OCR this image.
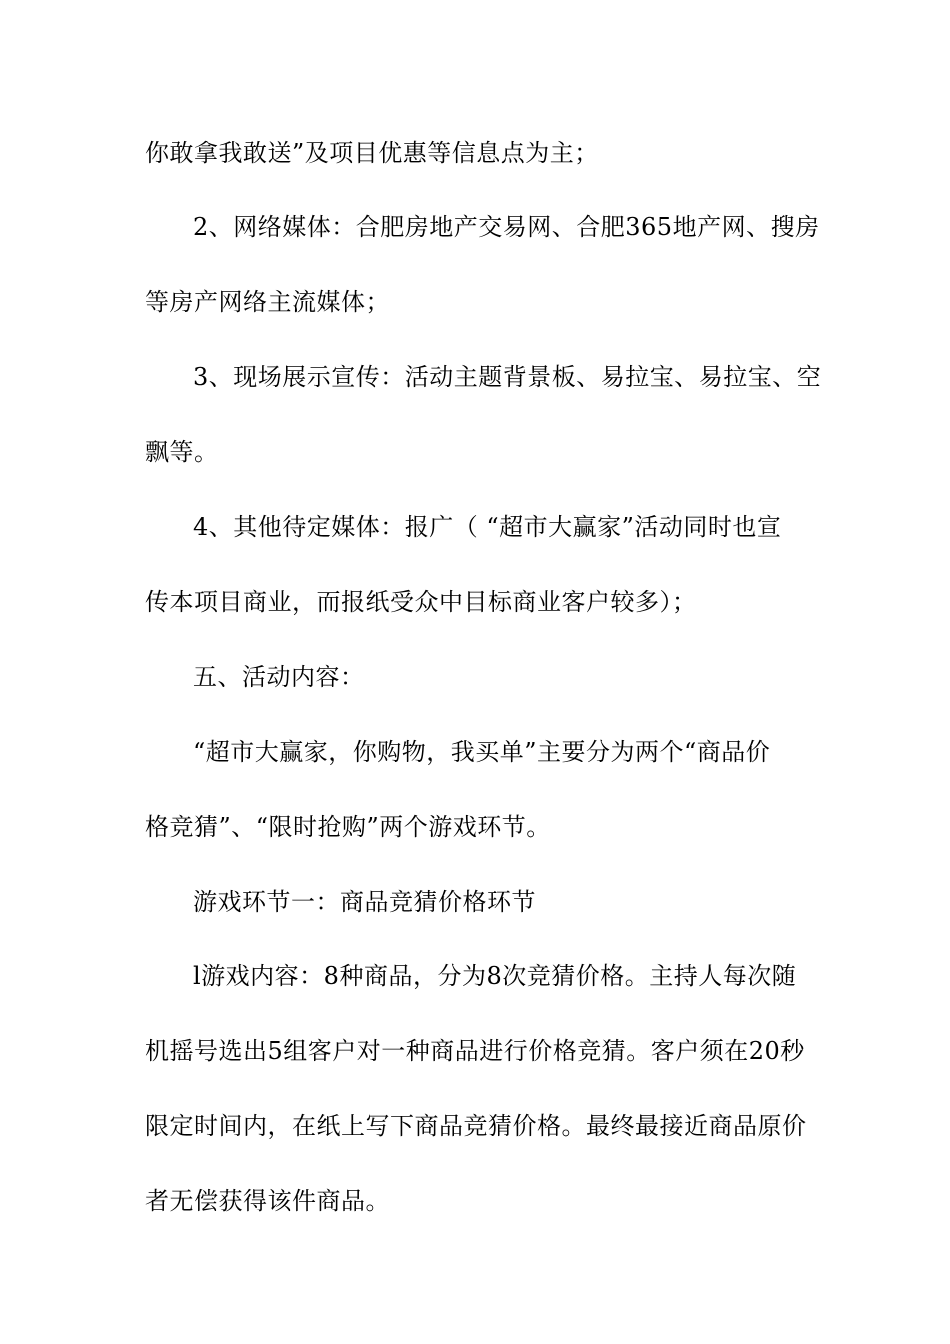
你敢拿我敢送”及项目优惠等信息点为主；
2、网络媒体：合肥房地产交易网、合肥365地产网、搜房
等房产网络主流媒体；
3、现场展示宣传：活动主题背景板、易拉宝、易拉宝、空
飘等。
4、其他待定媒体：报广（ “超市大赢家”活动同时也宣
传本项目商业，而报纸受众中目标商业客户较多）；
五、活动内容：
“超市大赢家，你购物，我买单”主要分为两个“商品价
格竞猜”、“限时抢购”两个游戏环节。
游戏环节一：商品竞猜价格环节
l游戏内容：8种商品，分为8次竞猜价格。主持人每次随
机摇号选出5组客户对一种商品进行价格竞猜。客户须在20秒
限定时间内，在纸上写下商品竞猜价格。最终最接近商品原价
者无偿获得该件商品。
